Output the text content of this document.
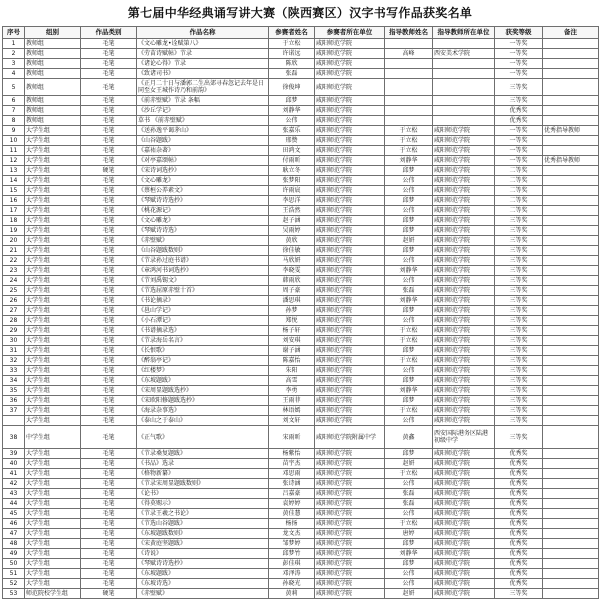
第七届中华经典诵写讲大赛（陕西赛区）汉字书写作品获奖名单
序号	组别	作品类别	作品名称	参赛者姓名	参赛者所在单位	指导教师姓名	指导教师所在单位	获奖等级	备注
1	教师组	毛笔	《文心雕龙•诠赋第八》	于立松	咸阳师范学院			一等奖	
2	教师组	毛笔	《劳苗诗赋帖》节录	许诺远	咸阳师范学院	高峰	西安美术学院	一等奖	
3	教师组	毛笔	《诸论心得》节录	陈欣	咸阳师范学院			一等奖	
4	教师组	毛笔	《致诸司书》	张磊	咸阳师范学院			一等奖	
5	教师组	毛笔	《正月二十日与潘郭二生出郊寻春忽记去年是日同至女王城作诗乃和前韵》	徐俊坤	咸阳师范学院			三等奖	
6	教师组	毛笔	《前赤壁赋》节录 条幅	邱梦	咸阳师范学院			三等奖	
7	教师组	毛笔	《沙丘学记》	刘静华	咸阳师范学院			优秀奖	
8	教师组	毛笔	草书 《前赤壁赋》	公伟	咸阳师范学院			优秀奖	
9	大学生组	毛笔	《送孙逸平谒茅山》	张嘉乐	咸阳师范学院	于立松	咸阳师范学院	一等奖	优秀指导教师
10	大学生组	毛笔	《山谷题跋》	邢赞	咸阳师范学院	于立松	咸阳师范学院	一等奖	
11	大学生组	毛笔	《嘉祐杂著》	田鸿文	咸阳师范学院	于立松	咸阳师范学院	一等奖	
12	大学生组	毛笔	《对亭嘉颂帖》	付雨昕	咸阳师范学院	刘静华	咸阳师范学院	一等奖	优秀指导教师
13	大学生组	硬笔	《宋诗词选抄》	耿立冬	咸阳师范学院	邱梦	咸阳师范学院	二等奖	
14	大学生组	毛笔	《文心雕龙》	张梦阳	咸阳师范学院	公伟	咸阳师范学院	二等奖	
15	大学生组	毛笔	《蔡桓公养素文》	许雨宸	咸阳师范学院	公伟	咸阳师范学院	二等奖	
16	大学生组	毛笔	《琴赋诗诗选抄》	李思洋	咸阳师范学院	邱梦	咸阳师范学院	二等奖	
17	大学生组	毛笔	《桃花源记》	王浩然	咸阳师范学院	公伟	咸阳师范学院	二等奖	
18	大学生组	毛笔	《文心雕龙》	赵子涵	咸阳师范学院	邱梦	咸阳师范学院	三等奖	
19	大学生组	毛笔	《琴赋诗诗选》	吴雨婷	咸阳师范学院	邱梦	咸阳师范学院	三等奖	
20	大学生组	毛笔	《赤壁赋》	黄欣	咸阳师范学院	赵妍	咸阳师范学院	三等奖	
21	大学生组	毛笔	《山谷题跋数则》	徐佳敏	咸阳师范学院	邱梦	咸阳师范学院	三等奖	
22	大学生组	毛笔	《节录孙过庭书谱》	马欣妍	咸阳师范学院	公伟	咸阳师范学院	三等奖	
23	大学生组	毛笔	《章鸿河书词选抄》	李晓雯	咸阳师范学院	刘静华	咸阳师范学院	三等奖	
24	大学生组	毛笔	《节刘禹锡文》	韩雨欣	咸阳师范学院	公伟	咸阳师范学院	三等奖	
25	大学生组	毛笔	《节选屈原赤壁十首》	周子豪	咸阳师范学院	张磊	咸阳师范学院	三等奖	
26	大学生组	毛笔	《书论摘录》	潘思琪	咸阳师范学院	刘静华	咸阳师范学院	三等奖	
27	大学生组	毛笔	《邕山学记》	孙梦	咸阳师范学院	邱梦	咸阳师范学院	三等奖	
28	大学生组	毛笔	《小石潭记》	郑悦	咸阳师范学院	公伟	咸阳师范学院	三等奖	
29	大学生组	毛笔	《书谱摘录选》	杨子轩	咸阳师范学院	于立松	咸阳师范学院	三等奖	
30	大学生组	毛笔	《节录海岳名言》	刘安琪	咸阳师范学院	于立松	咸阳师范学院	三等奖	
31	大学生组	毛笔	《长恨歌》	谢子涵	咸阳师范学院	邱梦	咸阳师范学院	三等奖	
32	大学生组	毛笔	《醉翁亭记》	陈嘉怡	咸阳师范学院	于立松	咸阳师范学院	三等奖	
33	大学生组	毛笔	《红楼梦》	朱阳	咸阳师范学院	公伟	咸阳师范学院	三等奖	
34	大学生组	毛笔	《东坡题跋》	高雪	咸阳师范学院	邱梦	咸阳师范学院	三等奖	
35	大学生组	毛笔	《宋周显题跋选抄》	李勇	咸阳师范学院	刘静华	咸阳师范学院	三等奖	
36	大学生组	毛笔	《宋欧阳修题跋选抄》	王雨菲	咸阳师范学院	邱梦	咸阳师范学院	三等奖	
37	大学生组	毛笔	《海录杂事选》	林语嫣	咸阳师范学院	于立松	咸阳师范学院	三等奖	
	大学生组	毛笔	《泰山之于泰山》	刘文轩	咸阳师范学院	公伟	咸阳师范学院	三等奖	
38	中学生组	毛笔	《正气歌》	宋雨昕	咸阳师范学院附属中学	黄鑫	西安国际港务区陆港初级中学	三等奖	
39	大学生组	毛笔	《节录桑复题跋》	杨紫怡	咸阳师范学院	邱梦	咸阳师范学院	优秀奖	
40	大学生组	毛笔	《书品》选录	苗宇杰	咸阳师范学院	赵妍	咸阳师范学院	优秀奖	
41	大学生组	毛笔	《格物新纂》	邓思雨	咸阳师范学院	于立松	咸阳师范学院	优秀奖	
42	大学生组	毛笔	《节录宋周显题跋数则》	张诗涵	咸阳师范学院	公伟	咸阳师范学院	优秀奖	
43	大学生组	毛笔	《论书》	吕嘉豪	咸阳师范学院	张磊	咸阳师范学院	优秀奖	
44	大学生组	毛笔	《得莫赐示》	袁婷婷	咸阳师范学院	张磊	咸阳师范学院	优秀奖	
45	大学生组	毛笔	《节录王羲之书论》	黄佳慧	咸阳师范学院	公伟	咸阳师范学院	优秀奖	
46	大学生组	毛笔	《节选山谷题跋》	杨扬	咸阳师范学院	于立松	咸阳师范学院	优秀奖	
47	大学生组	毛笔	《东坡题跋数则》	龙文杰	咸阳师范学院	唐婷	咸阳师范学院	优秀奖	
48	大学生组	毛笔	《宋黄庭坚题跋》	邹梦婷	咸阳师范学院	邱梦	咸阳师范学院	优秀奖	
49	大学生组	毛笔	《诗说》	邱梦竹	咸阳师范学院	刘静华	咸阳师范学院	优秀奖	
50	大学生组	毛笔	《琴赋诗诗选抄》	彭佳琪	咸阳师范学院	邱梦	咸阳师范学院	优秀奖	
51	大学生组	毛笔	《东坡题跋》	邓泽涛	咸阳师范学院	公伟	咸阳师范学院	优秀奖	
52	大学生组	毛笔	《东坡诗选》	孙晓光	咸阳师范学院	公伟	咸阳师范学院	优秀奖	
53	师范院校学生组	硬笔	《赤壁赋》	黄莉	咸阳师范学院	赵妍	咸阳师范学院	三等奖	
